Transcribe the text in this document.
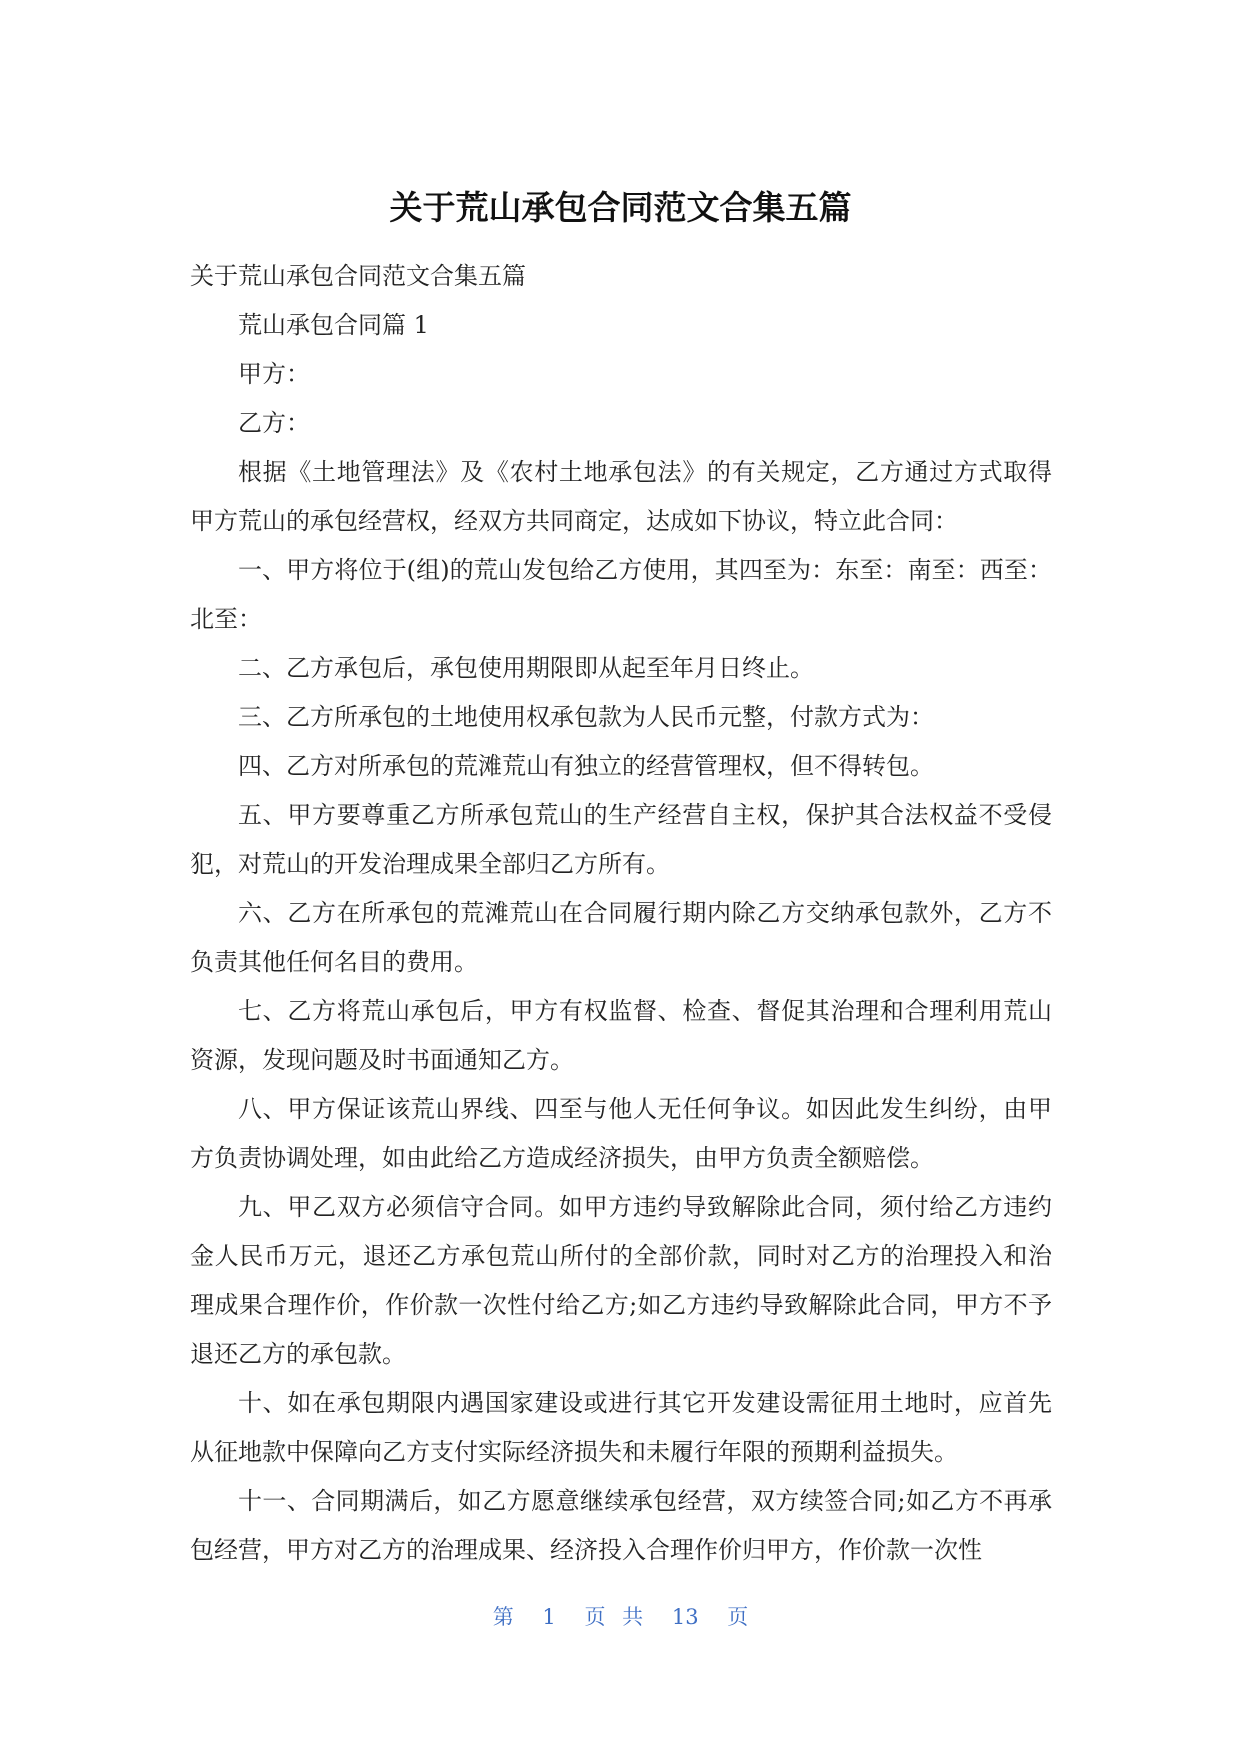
关于荒山承包合同范文合集五篇

关于荒山承包合同范文合集五篇

荒山承包合同篇 1

甲方：

乙方：

根据《土地管理法》及《农村土地承包法》的有关规定，乙方通过方式取得甲方荒山的承包经营权，经双方共同商定，达成如下协议，特立此合同：

一、甲方将位于(组)的荒山发包给乙方使用，其四至为：东至：南至：西至：北至：

二、乙方承包后，承包使用期限即从起至年月日终止。

三、乙方所承包的土地使用权承包款为人民币元整，付款方式为：

四、乙方对所承包的荒滩荒山有独立的经营管理权，但不得转包。

五、甲方要尊重乙方所承包荒山的生产经营自主权，保护其合法权益不受侵犯，对荒山的开发治理成果全部归乙方所有。

六、乙方在所承包的荒滩荒山在合同履行期内除乙方交纳承包款外，乙方不负责其他任何名目的费用。

七、乙方将荒山承包后，甲方有权监督、检查、督促其治理和合理利用荒山资源，发现问题及时书面通知乙方。

八、甲方保证该荒山界线、四至与他人无任何争议。如因此发生纠纷，由甲方负责协调处理，如由此给乙方造成经济损失，由甲方负责全额赔偿。

九、甲乙双方必须信守合同。如甲方违约导致解除此合同，须付给乙方违约金人民币万元，退还乙方承包荒山所付的全部价款，同时对乙方的治理投入和治理成果合理作价，作价款一次性付给乙方;如乙方违约导致解除此合同，甲方不予退还乙方的承包款。

十、如在承包期限内遇国家建设或进行其它开发建设需征用土地时，应首先从征地款中保障向乙方支付实际经济损失和未履行年限的预期利益损失。

十一、合同期满后，如乙方愿意继续承包经营，双方续签合同;如乙方不再承包经营，甲方对乙方的治理成果、经济投入合理作价归甲方，作价款一次性

第 1 页 共 13 页
